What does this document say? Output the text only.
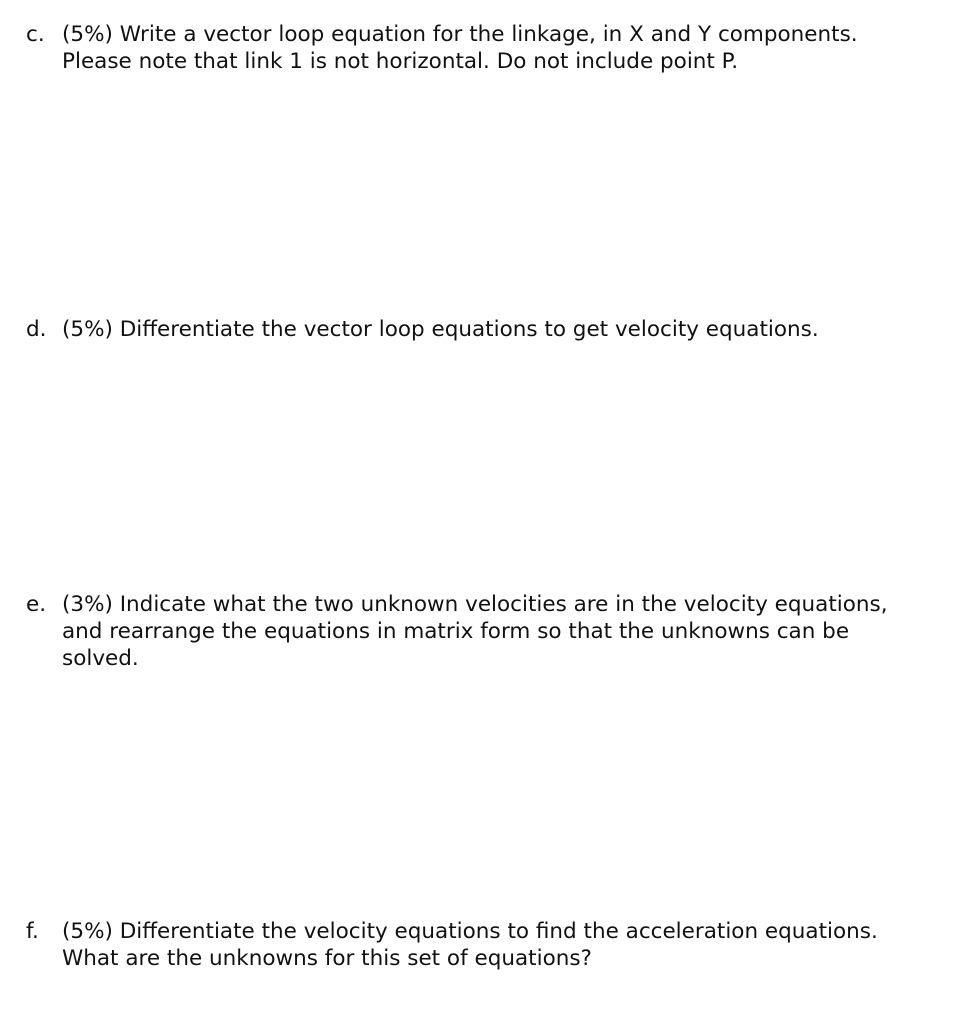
c. (5%) Write a vector loop equation for the linkage, in X and Y components.
Please note that link 1 is not horizontal. Do not include point P.
d. (5%) Differentiate the vector loop equations to get velocity equations.
e. (3%) Indicate what the two unknown velocities are in the velocity equations,
and rearrange the equations in matrix form so that the unknowns can be
solved.
f.	(5%) Differentiate the velocity equations to find the acceleration equations.
What are the unknowns for this set of equations?
